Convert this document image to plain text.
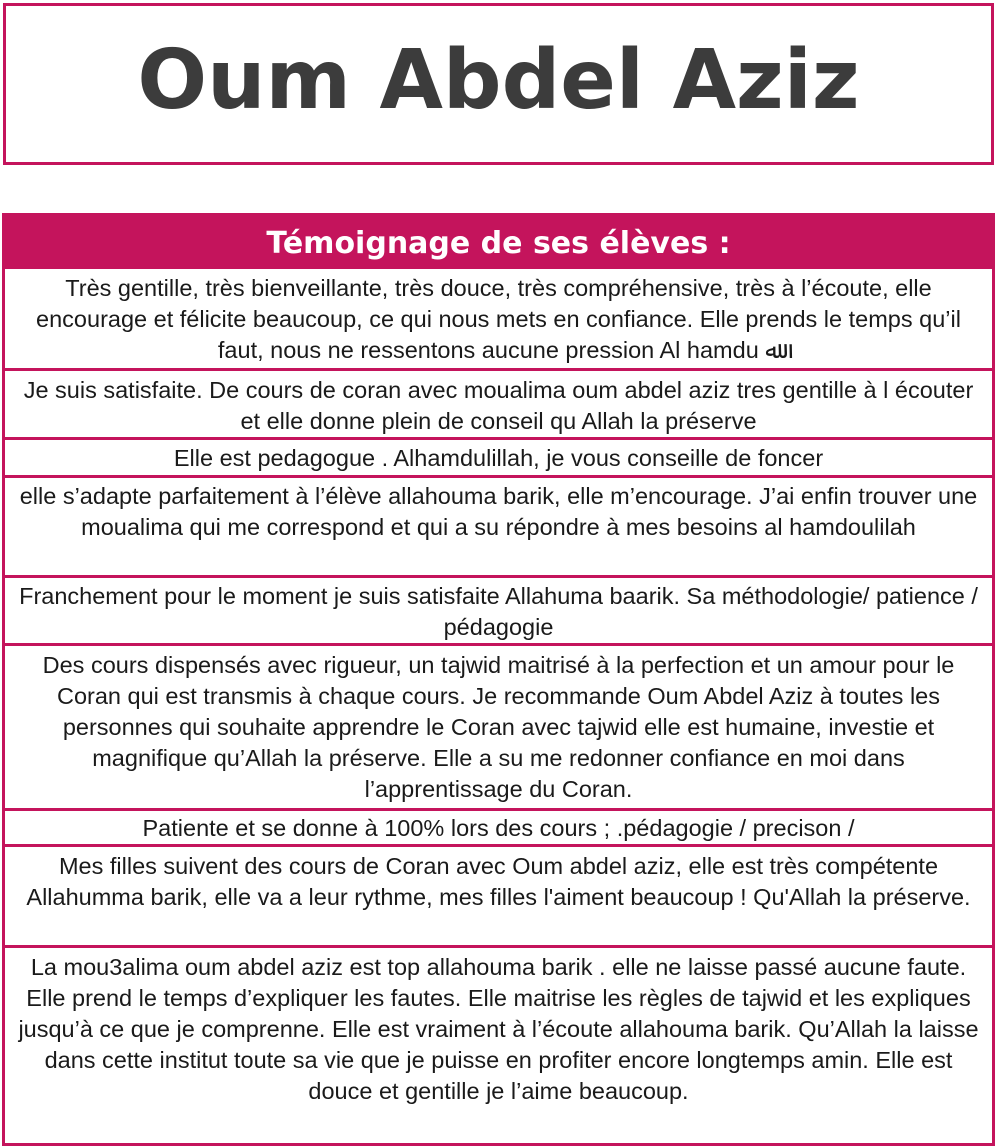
Oum Abdel Aziz
Témoignage de ses élèves :
Très gentille, très bienveillante, très douce, très compréhensive, très à l’écoute, elle encourage et félicite beaucoup, ce qui nous mets en confiance. Elle prends le temps qu’il faut, nous ne ressentons aucune pression Al hamdu ﷲ
Je suis satisfaite. De cours de coran avec moualima oum abdel aziz tres gentille à l écouter et elle donne plein de conseil qu Allah la préserve
Elle est pedagogue . Alhamdulillah, je vous conseille de foncer
elle s’adapte parfaitement à l’élève allahouma barik, elle m’encourage. J’ai enfin trouver une moualima qui me correspond et qui a su répondre à mes besoins al hamdoulilah
Franchement pour le moment je suis satisfaite Allahuma baarik. Sa méthodologie/ patience / pédagogie
Des cours dispensés avec rigueur, un tajwid maitrisé à la perfection et un amour pour le Coran qui est transmis à chaque cours. Je recommande Oum Abdel Aziz à toutes les personnes qui souhaite apprendre le Coran avec tajwid elle est humaine, investie et magnifique qu’Allah la préserve. Elle a su me redonner confiance en moi dans l’apprentissage du Coran.
Patiente et se donne à 100% lors des cours ; .pédagogie / precison /
Mes filles suivent des cours de Coran avec Oum abdel aziz, elle est très compétente Allahumma barik, elle va a leur rythme, mes filles l'aiment beaucoup ! Qu'Allah la préserve.
La mou3alima oum abdel aziz est top allahouma barik . elle ne laisse passé aucune faute. Elle prend le temps d’expliquer les fautes. Elle maitrise les règles de tajwid et les expliques jusqu’à ce que je comprenne. Elle est vraiment à l’écoute allahouma barik. Qu’Allah la laisse dans cette institut toute sa vie que je puisse en profiter encore longtemps amin. Elle est douce et gentille je l’aime beaucoup.
